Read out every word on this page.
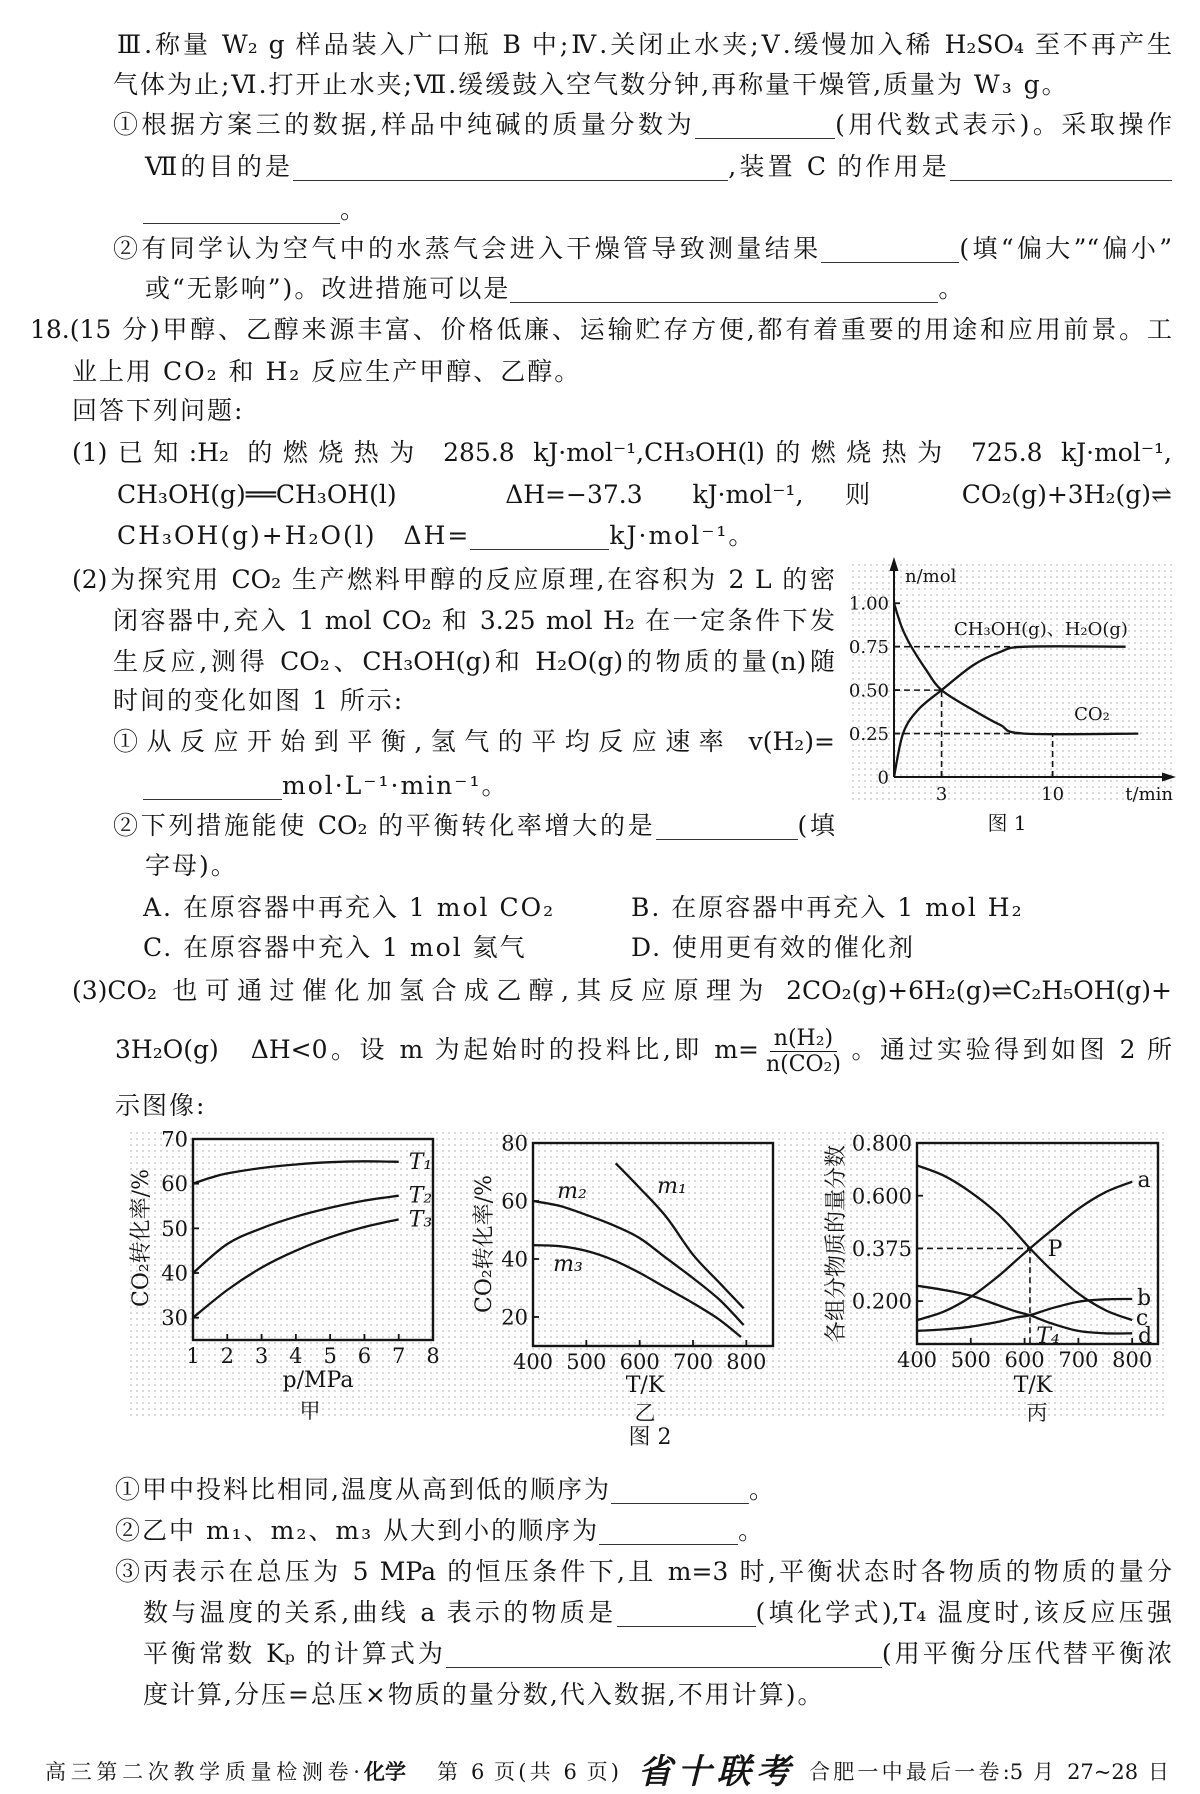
Ⅲ.称量 W₂ g 样品装入广口瓶 B 中;Ⅳ.关闭止水夹;Ⅴ.缓慢加入稀 H₂SO₄ 至不再产生
气体为止;Ⅵ.打开止水夹;Ⅶ.缓缓鼓入空气数分钟,再称量干燥管,质量为 W₃ g。
①根据方案三的数据,样品中纯碱的质量分数为	(用代数式表示)。采取操作
Ⅶ的目的是	,装置 C 的作用是
。
②有同学认为空气中的水蒸气会进入干燥管导致测量结果	(填“偏大”“偏小”
或“无影响”)。改进措施可以是	。
18.(15 分)甲醇、乙醇来源丰富、价格低廉、运输贮存方便,都有着重要的用途和应用前景。工
业上用 CO₂ 和 H₂ 反应生产甲醇、乙醇。
回答下列问题:
(1)已知:H₂ 的燃烧热为 285.8 kJ·mol⁻¹,CH₃OH(l)的燃烧热为 725.8 kJ·mol⁻¹,
CH₃OH(g)══CH₃OH(l)　ΔH=−37.3 kJ·mol⁻¹,则 CO₂(g)+3H₂(g)⇌
CH₃OH(g)+H₂O(l)　ΔH=	kJ·mol⁻¹。
(2)为探究用 CO₂ 生产燃料甲醇的反应原理,在容积为 2 L 的密
闭容器中,充入 1 mol CO₂ 和 3.25 mol H₂ 在一定条件下发
生反应,测得 CO₂、CH₃OH(g)和 H₂O(g)的物质的量(n)随
时间的变化如图 1 所示:
①从反应开始到平衡,氢气的平均反应速率 v(H₂)=
mol·L⁻¹·min⁻¹。
②下列措施能使 CO₂ 的平衡转化率增大的是	(填
字母)。
A. 在原容器中再充入 1 mol CO₂	B. 在原容器中再充入 1 mol H₂
C. 在原容器中充入 1 mol 氦气	D. 使用更有效的催化剂
(3)CO₂ 也可通过催化加氢合成乙醇,其反应原理为 2CO₂(g)+6H₂(g)⇌C₂H₅OH(g)+
3H₂O(g)　ΔH<0。设 m 为起始时的投料比,即 $m= \frac{\text{n(H₂)}}{\text{n(CO₂)}}$ 。通过实验得到如图 2 所
示图像:
图 2
①甲中投料比相同,温度从高到低的顺序为	。
②乙中 m₁、m₂、m₃ 从大到小的顺序为	。
③丙表示在总压为 5 MPa 的恒压条件下,且 m=3 时,平衡状态时各物质的物质的量分
数与温度的关系,曲线 a 表示的物质是	(填化学式),T₄ 温度时,该反应压强
平衡常数 Kₚ 的计算式为	(用平衡分压代替平衡浓
度计算,分压=总压×物质的量分数,代入数据,不用计算)。
高三第二次教学质量检测卷· 化学 第 6 页(共 6 页) 省十联考 合肥一中最后一卷:5 月 27~28 日
0
0.25
0.50
0.75
1.00
3	10
CH₃OH(g)、H₂O(g)
CO₂
t/min
n/mol
图 1
30
40
50
60
70
1 2 3 4 5 6 7 8
T₁
T₂
T₃
p/MPa
CO₂转化率/%
甲
20
40
60
80
400 500 600 700 800
m₁
m₂
m₃
T/K
CO₂转化率/%
乙
0.200
0.375
0.600
0.800
400 500 600 700 800
a
b
c
d
P
T₄
T/K
各组分物质的量分数
丙
